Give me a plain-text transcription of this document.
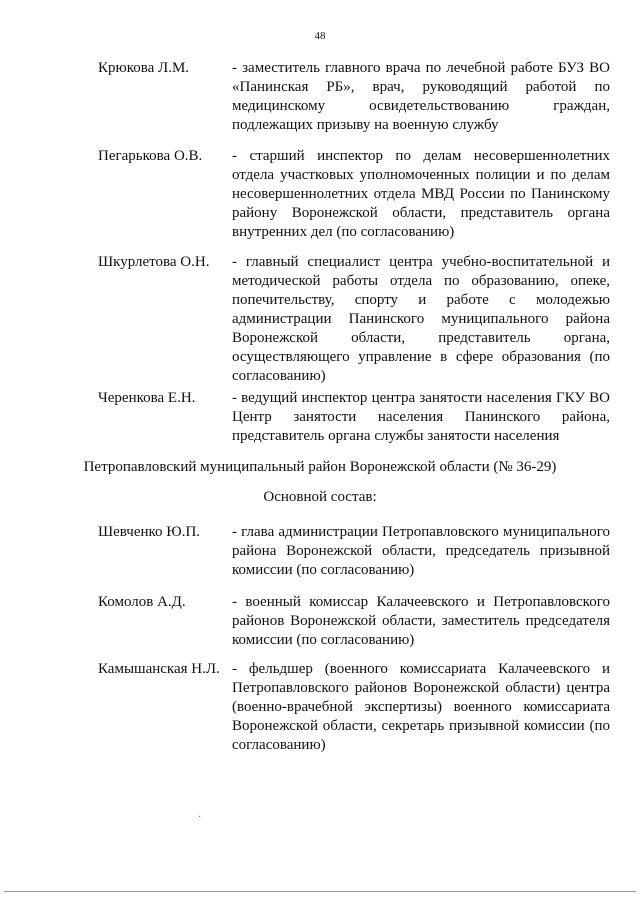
48
Крюкова Л.М.	- заместитель главного врача по лечебной работе БУЗ ВО «Панинская РБ», врач, руководящий работой по медицинскому освидетельствованию граждан, подлежащих призыву на военную службу
Пегарькова О.В.	- старший инспектор по делам несовершеннолетних отдела участковых уполномоченных полиции и по делам несовершеннолетних отдела МВД России по Панинскому району Воронежской области, представитель органа внутренних дел (по согласованию)
Шкурлетова О.Н.	- главный специалист центра учебно-воспитательной и методической работы отдела по образованию, опеке, попечительству, спорту и работе с молодежью администрации Панинского муниципального района Воронежской области, представитель органа, осуществляющего управление в сфере образования (по согласованию)
Черенкова Е.Н.	- ведущий инспектор центра занятости населения ГКУ ВО Центр занятости населения Панинского района, представитель органа службы занятости населения
Петропавловский муниципальный район Воронежской области (№ 36-29)
Основной состав:
Шевченко Ю.П.	- глава администрации Петропавловского муниципального района Воронежской области, председатель призывной комиссии (по согласованию)
Комолов А.Д.	- военный комиссар Калачеевского и Петропавловского районов Воронежской области, заместитель председателя комиссии (по согласованию)
Камышанская Н.Л. - фельдшер (военного комиссариата Калачеевского и Петропавловского районов Воронежской области) центра (военно-врачебной экспертизы) военного комиссариата Воронежской области, секретарь призывной комиссии (по согласованию)
·
